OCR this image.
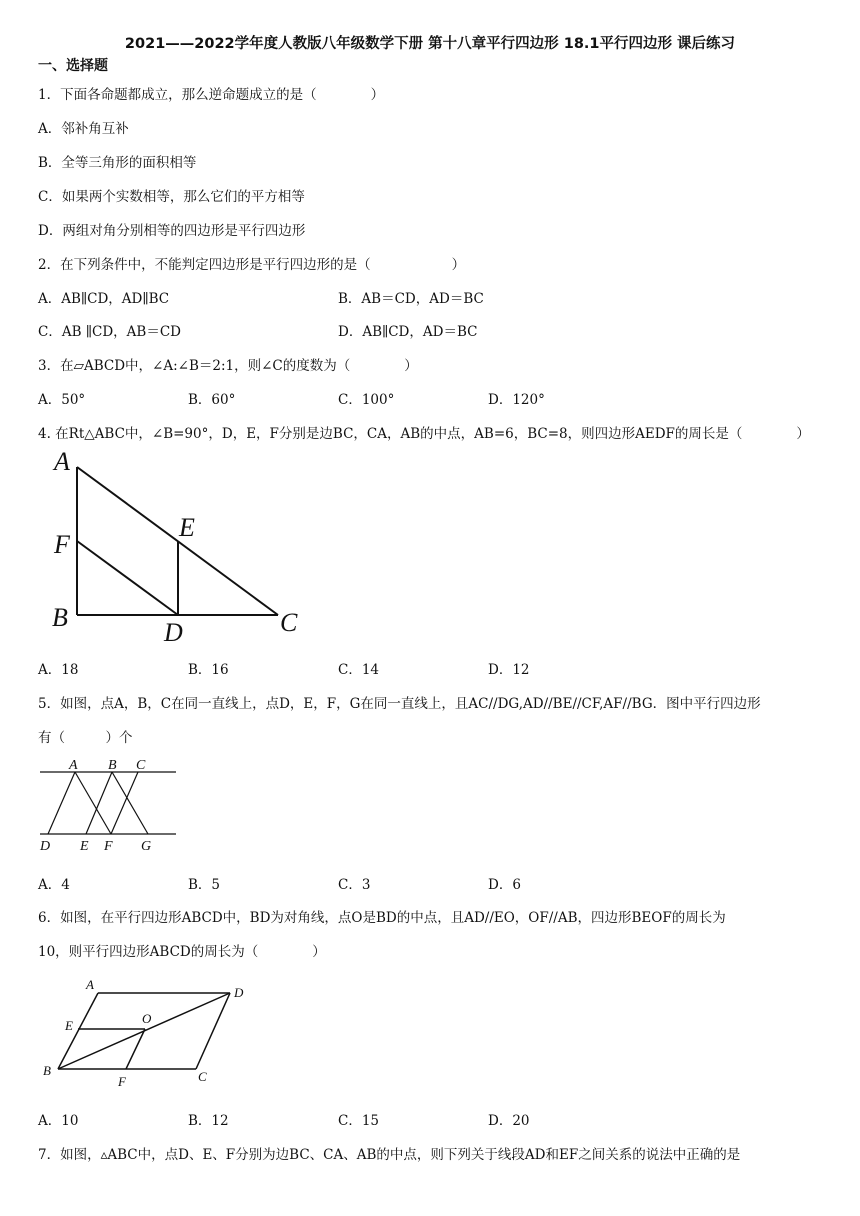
2021——2022学年度人教版八年级数学下册 第十八章平行四边形 18.1平行四边形 课后练习
一、选择题
1．下面各命题都成立，那么逆命题成立的是（　　　　）
A．邻补角互补
B．全等三角形的面积相等
C．如果两个实数相等，那么它们的平方相等
D．两组对角分别相等的四边形是平行四边形
2．在下列条件中，不能判定四边形是平行四边形的是（　　　　　　）
A．AB∥CD，AD∥BC	B．AB＝CD，AD＝BC
C．AB ∥CD，AB＝CD	D．AB∥CD，AD＝BC
3．在▱ABCD中，∠A:∠B＝2:1，则∠C的度数为（　　　　）
A．50°	B．60°	C．100°	D．120°
4. 在Rt△ABC中，∠B=90°，D，E，F分别是边BC，CA，AB的中点，AB=6，BC=8，则四边形AEDF的周长是（　　　　）
A
F
B
E
D	C
A．18	B．16	C．14	D．12
5．如图，点A，B，C在同一直线上，点D，E，F，G在同一直线上，且AC//DG,AD//BE//CF,AF//BG．图中平行四边形
有（　　　）个
A B C
D E F G
A．4	B．5	C．3	D．6
6．如图，在平行四边形ABCD中，BD为对角线，点O是BD的中点，且AD//EO，OF//AB，四边形BEOF的周长为
10，则平行四边形ABCD的周长为（　　　　）
A
D
E	O
B
F	C
A．10	B．12	C．15	D．20
7．如图，▵ABC中，点D、E、F分别为边BC、CA、AB的中点，则下列关于线段AD和EF之间关系的说法中正确的是
